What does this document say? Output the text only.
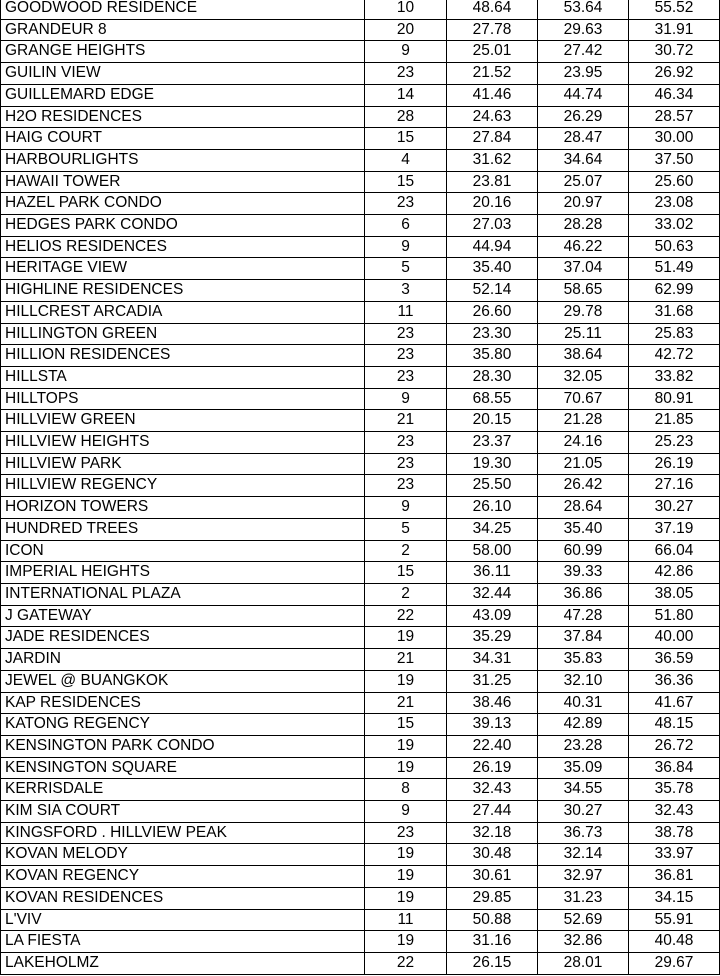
GOODWOOD RESIDENCE	10	48.64	53.64	55.52
GRANDEUR 8	20	27.78	29.63	31.91
GRANGE HEIGHTS	9	25.01	27.42	30.72
GUILIN VIEW	23	21.52	23.95	26.92
GUILLEMARD EDGE	14	41.46	44.74	46.34
H2O RESIDENCES	28	24.63	26.29	28.57
HAIG COURT	15	27.84	28.47	30.00
HARBOURLIGHTS	4	31.62	34.64	37.50
HAWAII TOWER	15	23.81	25.07	25.60
HAZEL PARK CONDO	23	20.16	20.97	23.08
HEDGES PARK CONDO	6	27.03	28.28	33.02
HELIOS RESIDENCES	9	44.94	46.22	50.63
HERITAGE VIEW	5	35.40	37.04	51.49
HIGHLINE RESIDENCES	3	52.14	58.65	62.99
HILLCREST ARCADIA	11	26.60	29.78	31.68
HILLINGTON GREEN	23	23.30	25.11	25.83
HILLION RESIDENCES	23	35.80	38.64	42.72
HILLSTA	23	28.30	32.05	33.82
HILLTOPS	9	68.55	70.67	80.91
HILLVIEW GREEN	21	20.15	21.28	21.85
HILLVIEW HEIGHTS	23	23.37	24.16	25.23
HILLVIEW PARK	23	19.30	21.05	26.19
HILLVIEW REGENCY	23	25.50	26.42	27.16
HORIZON TOWERS	9	26.10	28.64	30.27
HUNDRED TREES	5	34.25	35.40	37.19
ICON	2	58.00	60.99	66.04
IMPERIAL HEIGHTS	15	36.11	39.33	42.86
INTERNATIONAL PLAZA	2	32.44	36.86	38.05
J GATEWAY	22	43.09	47.28	51.80
JADE RESIDENCES	19	35.29	37.84	40.00
JARDIN	21	34.31	35.83	36.59
JEWEL @ BUANGKOK	19	31.25	32.10	36.36
KAP RESIDENCES	21	38.46	40.31	41.67
KATONG REGENCY	15	39.13	42.89	48.15
KENSINGTON PARK CONDO	19	22.40	23.28	26.72
KENSINGTON SQUARE	19	26.19	35.09	36.84
KERRISDALE	8	32.43	34.55	35.78
KIM SIA COURT	9	27.44	30.27	32.43
KINGSFORD . HILLVIEW PEAK	23	32.18	36.73	38.78
KOVAN MELODY	19	30.48	32.14	33.97
KOVAN REGENCY	19	30.61	32.97	36.81
KOVAN RESIDENCES	19	29.85	31.23	34.15
L'VIV	11	50.88	52.69	55.91
LA FIESTA	19	31.16	32.86	40.48
LAKEHOLMZ	22	26.15	28.01	29.67
